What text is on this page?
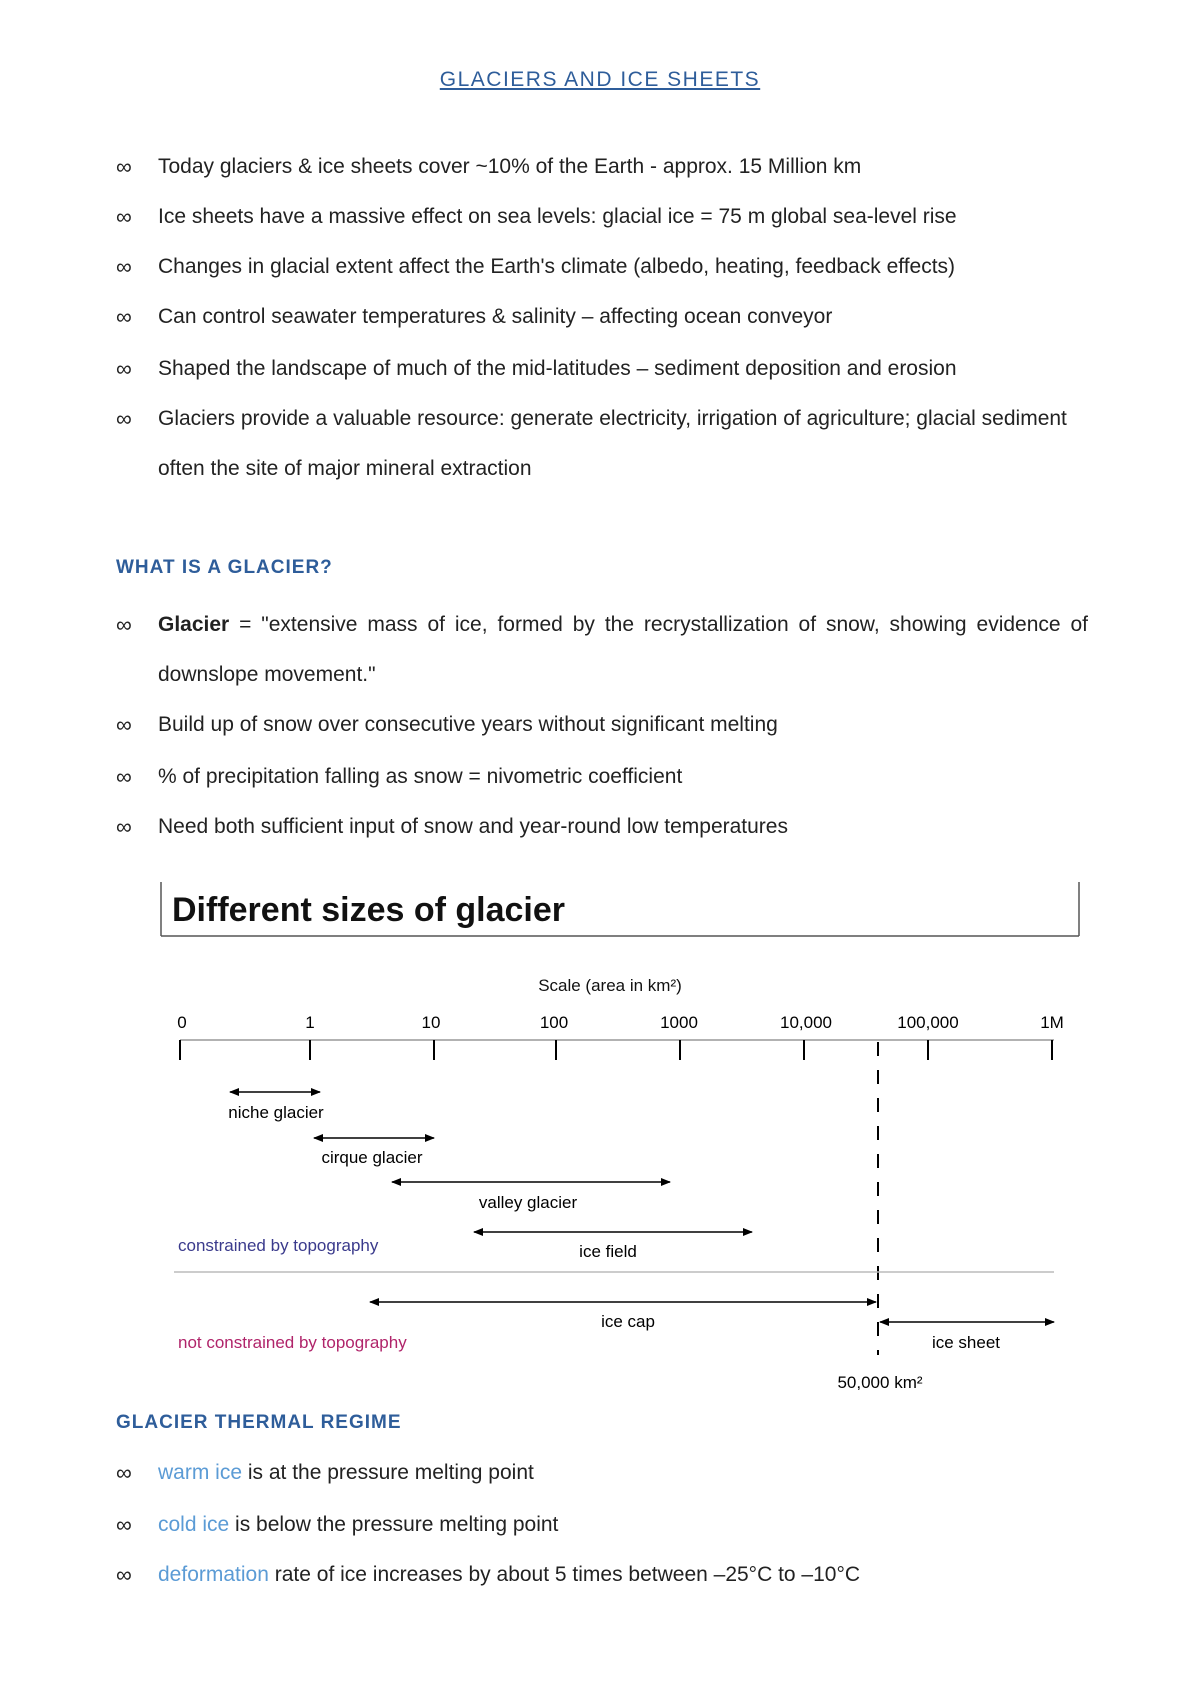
GLACIERS AND ICE SHEETS
∞ Today glaciers & ice sheets cover ~10% of the Earth - approx. 15 Million km
∞ Ice sheets have a massive effect on sea levels: glacial ice = 75 m global sea-level rise
∞ Changes in glacial extent affect the Earth's climate (albedo, heating, feedback effects)
∞ Can control seawater temperatures & salinity – affecting ocean conveyor
∞ Shaped the landscape of much of the mid-latitudes – sediment deposition and erosion
∞ Glaciers provide a valuable resource: generate electricity, irrigation of agriculture; glacial sediment often the site of major mineral extraction
WHAT IS A GLACIER?
∞ Glacier = "extensive mass of ice, formed by the recrystallization of snow, showing evidence of downslope movement."
∞ Build up of snow over consecutive years without significant melting
∞ % of precipitation falling as snow = nivometric coefficient
∞ Need both sufficient input of snow and year-round low temperatures
Different sizes of glacier
Scale (area in km²)
0	1	10	100	1000	10,000	100,000	1M
niche glacier
cirque glacier
valley glacier
ice field
constrained by topography
ice cap
ice sheet
not constrained by topography
50,000 km²
GLACIER THERMAL REGIME
∞ warm ice is at the pressure melting point
∞ cold ice is below the pressure melting point
∞ deformation rate of ice increases by about 5 times between –25°C to –10°C
